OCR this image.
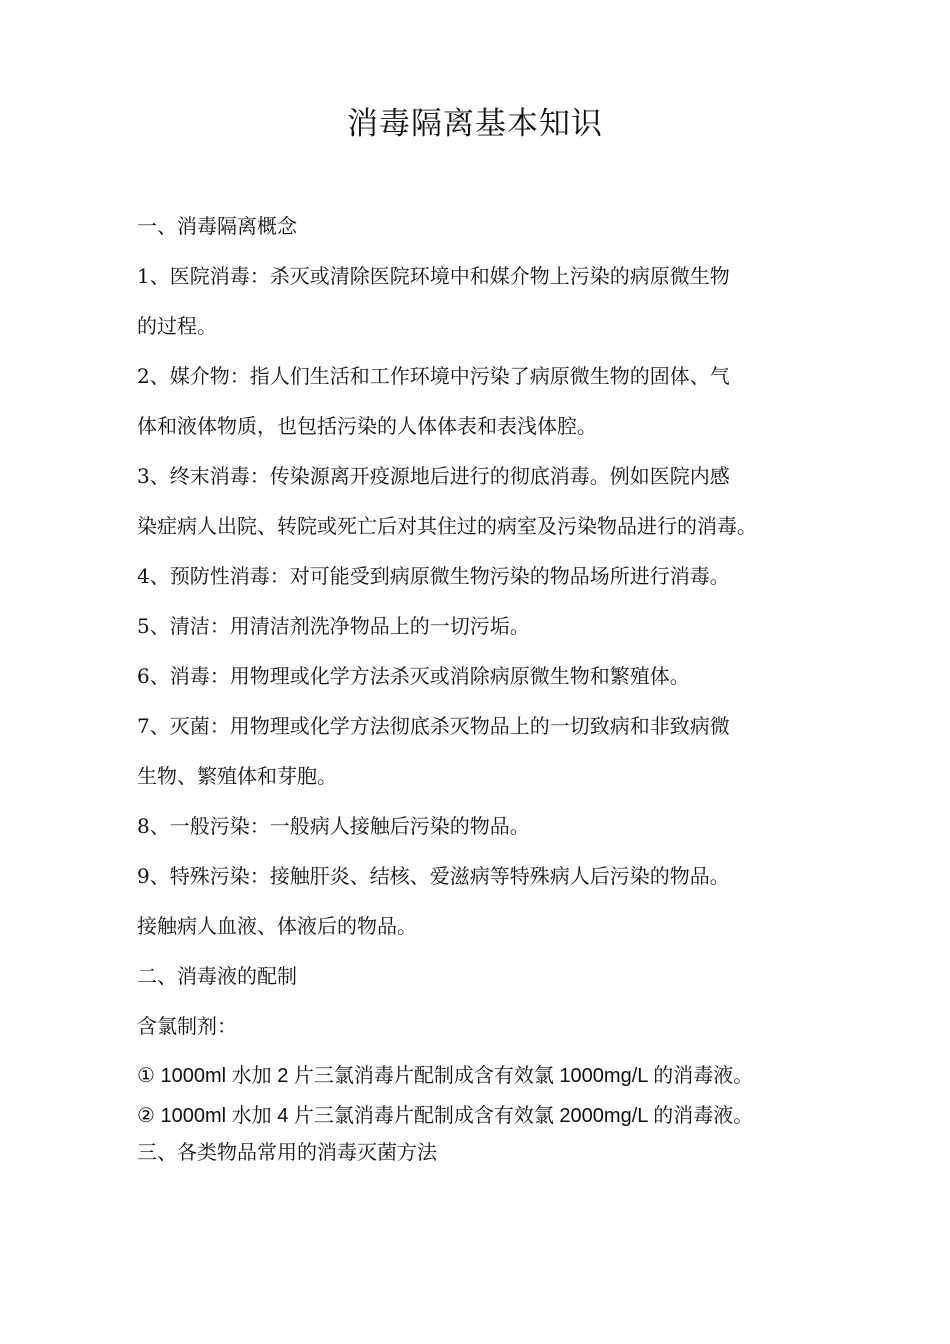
消毒隔离基本知识

一、消毒隔离概念

1、医院消毒：杀灭或清除医院环境中和媒介物上污染的病原微生物

的过程。

2、媒介物：指人们生活和工作环境中污染了病原微生物的固体、气

体和液体物质，也包括污染的人体体表和表浅体腔。

3、终末消毒：传染源离开疫源地后进行的彻底消毒。例如医院内感

染症病人出院、转院或死亡后对其住过的病室及污染物品进行的消毒。

4、预防性消毒：对可能受到病原微生物污染的物品场所进行消毒。

5、清洁：用清洁剂洗净物品上的一切污垢。

6、消毒：用物理或化学方法杀灭或消除病原微生物和繁殖体。

7、灭菌：用物理或化学方法彻底杀灭物品上的一切致病和非致病微

生物、繁殖体和芽胞。

8、一般污染：一般病人接触后污染的物品。

9、特殊污染：接触肝炎、结核、爱滋病等特殊病人后污染的物品。

接触病人血液、体液后的物品。

二、消毒液的配制

含氯制剂：

① 1000ml 水加 2 片三氯消毒片配制成含有效氯 1000mg/L 的消毒液。

② 1000ml 水加 4 片三氯消毒片配制成含有效氯 2000mg/L 的消毒液。

三、各类物品常用的消毒灭菌方法
